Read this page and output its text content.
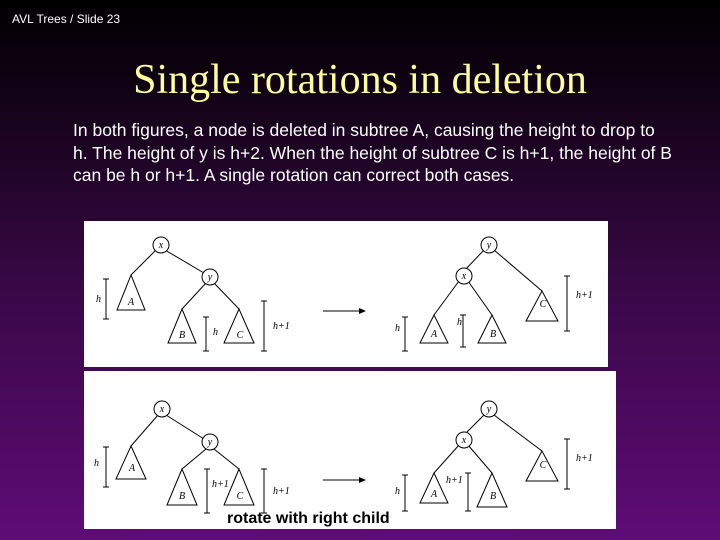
AVL Trees / Slide 23
Single rotations in deletion
In both figures, a node is deleted in subtree A, causing the height to drop to h. The height of y is h+2. When the height of subtree C is h+1, the height of B can be h or h+1. A single rotation can correct both cases.
x
y
A
B	C
h
h
h+1
y
x
A	B
C
h
h
h+1
x
y
A
B	C
h
h+1
h+1
y
x
A	B
C
h
h+1
h+1
rotate with right child
